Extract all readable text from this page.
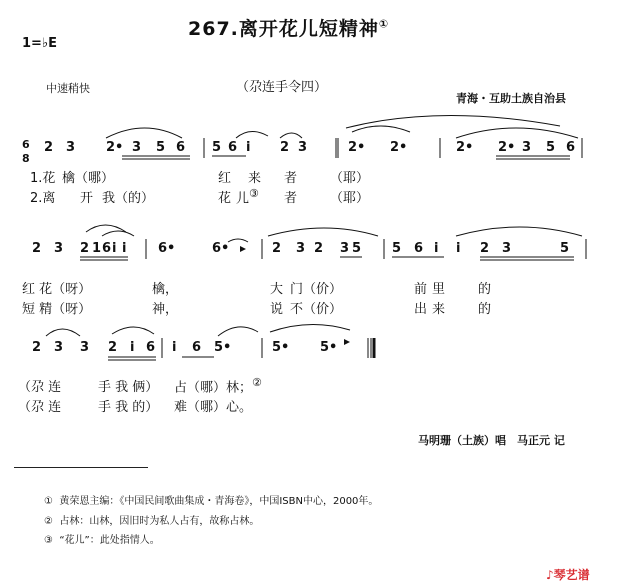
267.离开花儿短精神①
1=♭E
（尕连手令四）
中速稍快
青海・互助土族自治县
6
8
1.花 檎（哪）	红 来 者	（耶）
2.离 开 我（的）	花 儿③ 者	（耶）
红 花（呀）	檎，	大 门（价）	前 里	的
短 精（呀）	神，	说 不（价）	出 来	的
（尕 连	手 我 俩） 占（哪）林；②
（尕 连	手 我 的） 难（哪）心。
马明珊（土族）唱　马正元 记
① 黄荣恩主编：《中国民间歌曲集成・青海卷》，中国ISBN中心，2000年。
② 占林：山林，因旧时为私人占有，故称占林。
③ “花儿”：此处指情人。
♪琴艺谱
2 3 2• 3 5 6 5 6 i 2 3	2• 2•	2• 2• 3 5 6
2 3 2 1 6 i i 6•	6•	2 3 2 3 5 5 6 i i 2 3	5
2 3 3 2 i 6 i 6 5•	5• 5•
